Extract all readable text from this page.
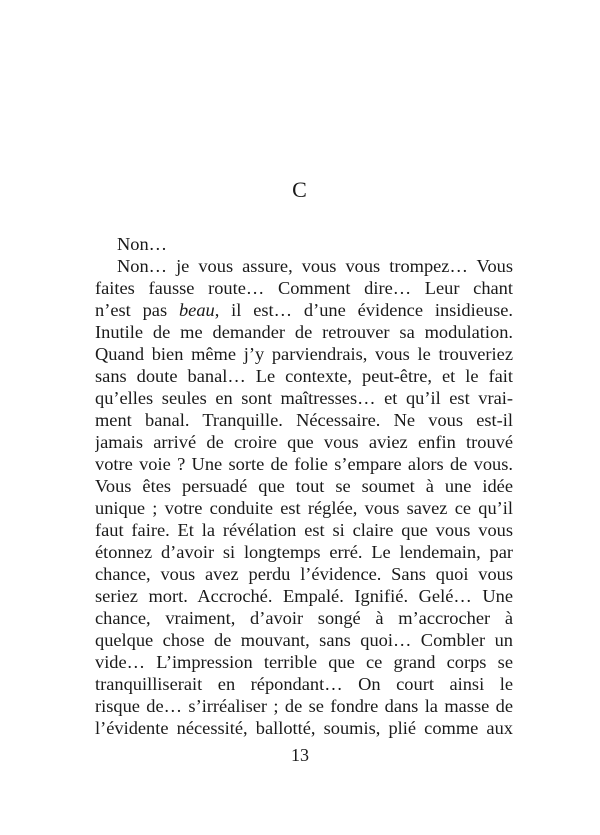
C
Non…
Non… je vous assure, vous vous trompez… Vous
faites fausse route… Comment dire… Leur chant
n’est pas beau, il est… d’une évidence insidieuse.
Inutile de me demander de retrouver sa modulation.
Quand bien même j’y parviendrais, vous le trouveriez
sans doute banal… Le contexte, peut-être, et le fait
qu’elles seules en sont maîtresses… et qu’il est vrai-
ment banal. Tranquille. Nécessaire. Ne vous est-il
jamais arrivé de croire que vous aviez enfin trouvé
votre voie ? Une sorte de folie s’empare alors de vous.
Vous êtes persuadé que tout se soumet à une idée
unique ; votre conduite est réglée, vous savez ce qu’il
faut faire. Et la révélation est si claire que vous vous
étonnez d’avoir si longtemps erré. Le lendemain, par
chance, vous avez perdu l’évidence. Sans quoi vous
seriez mort. Accroché. Empalé. Ignifié. Gelé… Une
chance, vraiment, d’avoir songé à m’accrocher à
quelque chose de mouvant, sans quoi… Combler un
vide… L’impression terrible que ce grand corps se
tranquilliserait en répondant… On court ainsi le
risque de… s’irréaliser ; de se fondre dans la masse de
l’évidente nécessité, ballotté, soumis, plié comme aux
13
